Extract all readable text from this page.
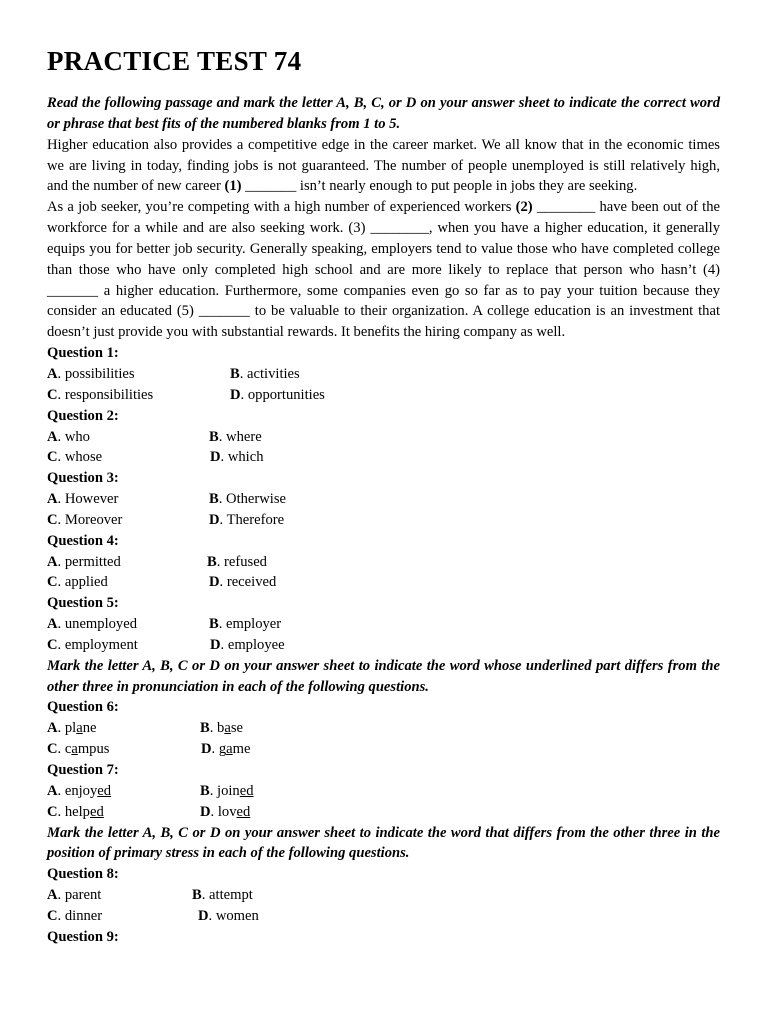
PRACTICE TEST 74
Read the following passage and mark the letter A, B, C, or D on your answer sheet to indicate the correct word or phrase that best fits of the numbered blanks from 1 to 5.
Higher education also provides a competitive edge in the career market. We all know that in the economic times we are living in today, finding jobs is not guaranteed. The number of people unemployed is still relatively high, and the number of new career (1) _______ isn’t nearly enough to put people in jobs they are seeking.
As a job seeker, you’re competing with a high number of experienced workers (2) ________ have been out of the workforce for a while and are also seeking work. (3) ________, when you have a higher education, it generally equips you for better job security. Generally speaking, employers tend to value those who have completed college than those who have only completed high school and are more likely to replace that person who hasn’t (4) _______ a higher education. Furthermore, some companies even go so far as to pay your tuition because they consider an educated (5) _______ to be valuable to their organization. A college education is an investment that doesn’t just provide you with substantial rewards. It benefits the hiring company as well.
Question 1:
A. possibilities	B. activities
C. responsibilities	D. opportunities
Question 2:
A. who	B. where
C. whose	D. which
Question 3:
A. However	B. Otherwise
C. Moreover	D. Therefore
Question 4:
A. permitted	B. refused
C. applied	D. received
Question 5:
A. unemployed	B. employer
C. employment	D. employee
Mark the letter A, B, C or D on your answer sheet to indicate the word whose underlined part differs from the other three in pronunciation in each of the following questions.
Question 6:
A. plane	B. base
C. campus	D. game
Question 7:
A. enjoyed	B. joined
C. helped	D. loved
Mark the letter A, B, C or D on your answer sheet to indicate the word that differs from the other three in the position of primary stress in each of the following questions.
Question 8:
A. parent	B. attempt
C. dinner	D. women
Question 9:
